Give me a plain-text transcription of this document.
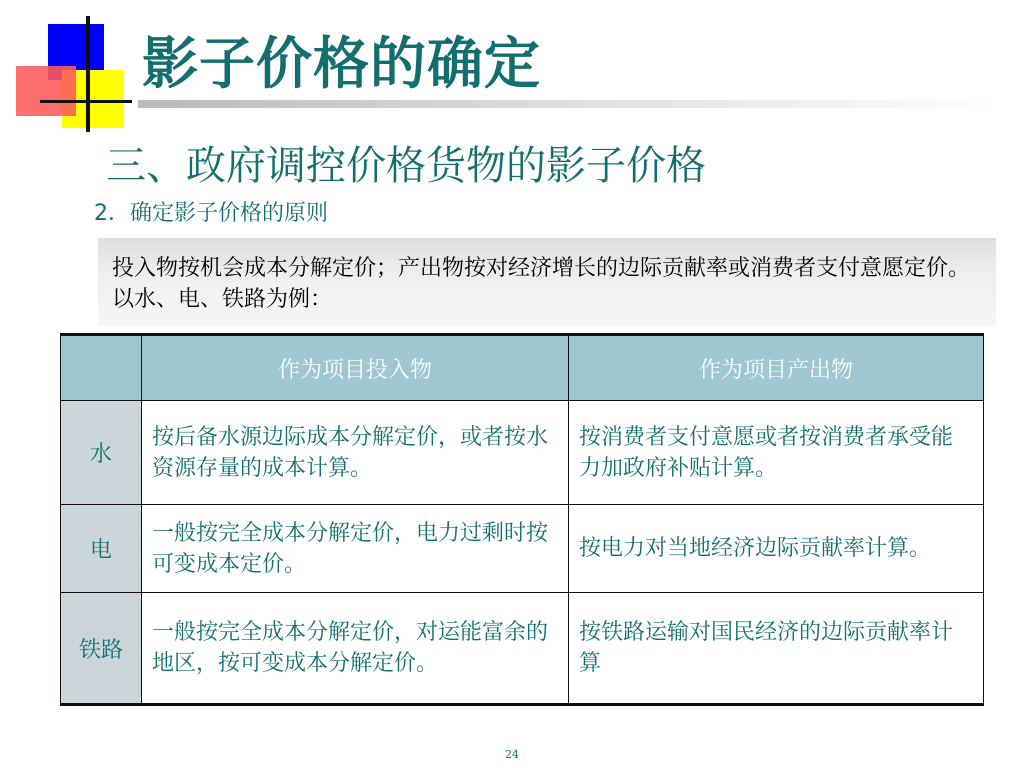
影子价格的确定
三、政府调控价格货物的影子价格
2．确定影子价格的原则
投入物按机会成本分解定价；产出物按对经济增长的边际贡献率或消费者支付意愿定价。以水、电、铁路为例：
	作为项目投入物	作为项目产出物
水	按后备水源边际成本分解定价，或者按水资源存量的成本计算。	按消费者支付意愿或者按消费者承受能力加政府补贴计算。
电	一般按完全成本分解定价，电力过剩时按可变成本定价。	按电力对当地经济边际贡献率计算。
铁路	一般按完全成本分解定价，对运能富余的地区，按可变成本分解定价。	按铁路运输对国民经济的边际贡献率计算
24
